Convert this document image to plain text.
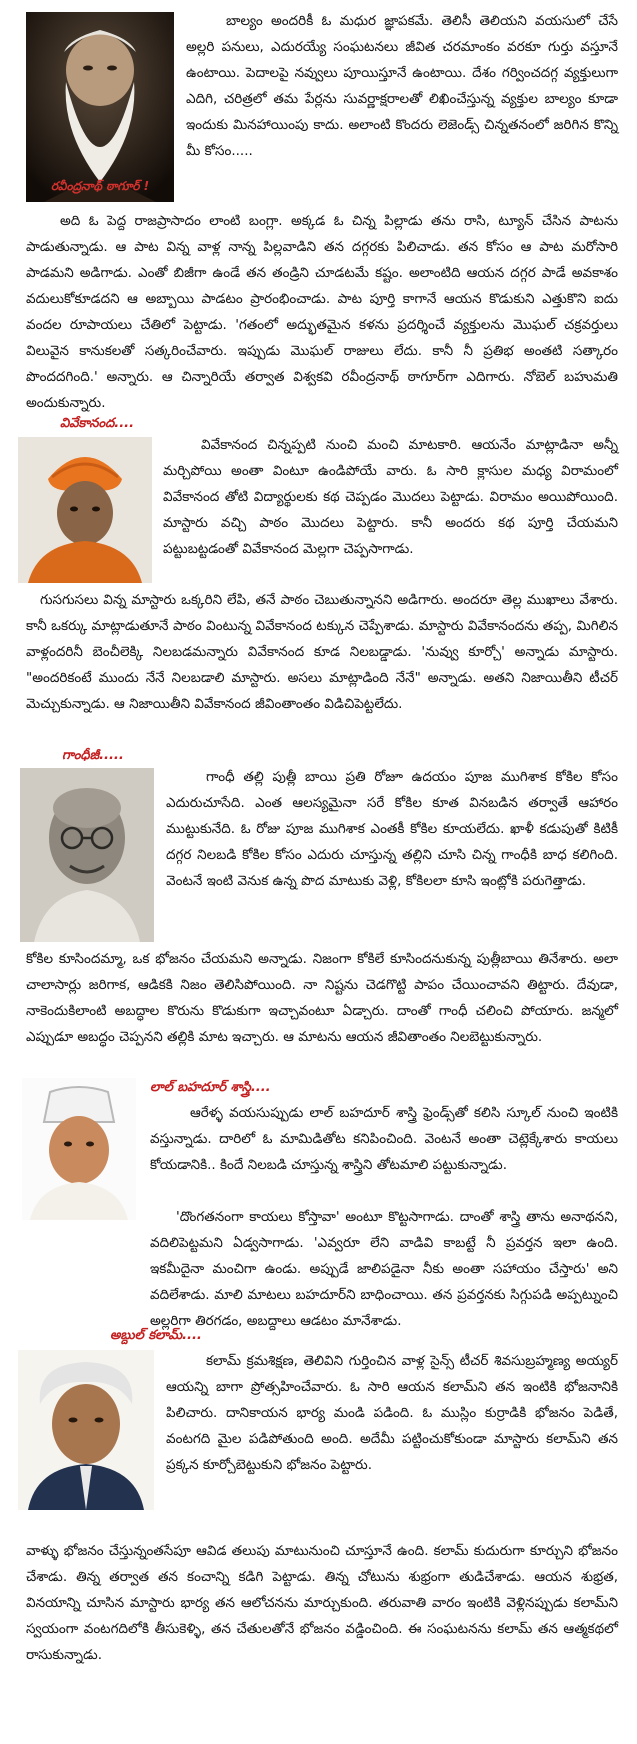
రవీంద్రనాథ్ ఠాగూర్ !
బాల్యం అందరికీ ఓ మధుర జ్ఞాపకమే. తెలిసీ తెలియని వయసులో చేసే అల్లరి పనులు, ఎదురయ్యే సంఘటనలు జీవిత చరమాంకం వరకూ గుర్తు వస్తూనే ఉంటాయి. పెదాలపై నవ్వులు పూయిస్తూనే ఉంటాయి. దేశం గర్వించదగ్గ వ్యక్తులుగా ఎదిగి, చరిత్రలో తమ పేర్లను సువర్ణాక్షరాలతో లిఖించేస్తున్న వ్యక్తుల బాల్యం కూడా ఇందుకు మినహాయింపు కాదు. అలాంటి కొందరు లెజెండ్స్ చిన్నతనంలో జరిగిన కొన్ని మీ కోసం.....
అది ఓ పెద్ద రాజప్రాసాదం లాంటి బంగ్లా. అక్కడ ఓ చిన్న పిల్లాడు తను రాసి, ట్యూన్ చేసిన పాటను పాడుతున్నాడు. ఆ పాట విన్న వాళ్ల నాన్న పిల్లవాడిని తన దగ్గరకు పిలిచాడు. తన కోసం ఆ పాట మరోసారి పాడమని అడిగాడు. ఎంతో బిజీగా ఉండే తన తండ్రిని చూడటమే కష్టం. అలాంటిది ఆయన దగ్గర పాడే అవకాశం వదులుకోకూడదని ఆ అబ్బాయి పాడటం ప్రారంభించాడు. పాట పూర్తి కాగానే ఆయన కొడుకుని ఎత్తుకొని ఐదు వందల రూపాయలు చేతిలో పెట్టాడు. 'గతంలో అద్భుతమైన కళను ప్రదర్శించే వ్యక్తులను మొఘల్ చక్రవర్తులు విలువైన కానుకలతో సత్కరించేవారు. ఇప్పుడు మొఘల్ రాజులు లేదు. కానీ నీ ప్రతిభ అంతటి సత్కారం పొందదగింది.' అన్నారు. ఆ చిన్నారియే తర్వాత విశ్వకవి రవీంద్రనాథ్ ఠాగూర్‌గా ఎదిగారు. నోబెల్ బహుమతి అందుకున్నారు.
వివేకానంద....
వివేకానంద చిన్నప్పటి నుంచి మంచి మాటకారి. ఆయనేం మాట్లాడినా అన్నీ మర్చిపోయి అంతా వింటూ ఉండిపోయే వారు. ఓ సారి క్లాసుల మధ్య విరామంలో వివేకానంద తోటి విద్యార్థులకు కథ చెప్పడం మొదలు పెట్టాడు. విరామం అయిపోయింది. మాస్టారు వచ్చి పాఠం మొదలు పెట్టారు. కానీ అందరు కథ పూర్తి చేయమని పట్టుబట్టడంతో వివేకానంద మెల్లగా చెప్పసాగాడు.
గుసగుసలు విన్న మాస్టారు ఒక్కరిని లేపి, తనే పాఠం చెబుతున్నానని అడిగారు. అందరూ తెల్ల ముఖాలు వేశారు. కానీ ఒకర్కు మాట్లాడుతూనే పాఠం వింటున్న వివేకానంద టక్కున చెప్పేశాడు. మాస్టారు వివేకానందను తప్ప, మిగిలిన వాళ్లందరినీ బెంచీలెక్కి నిలబడమన్నారు వివేకానంద కూడ నిలబడ్డాడు. 'నువ్వు కూర్చో' అన్నాడు మాస్టారు. "అందరికంటే ముందు నేనే నిలబడాలి మాస్టారు. అసలు మాట్లాడింది నేనే" అన్నాడు. అతని నిజాయితీని టీచర్ మెచ్చుకున్నాడు. ఆ నిజాయితీని వివేకానంద జీవింతాంతం విడిచిపెట్టలేదు.
గాంధీజీ.....
గాంధీ తల్లి పుత్లీ బాయి ప్రతి రోజూ ఉదయం పూజ ముగిశాక కోకిల కోసం ఎదురుచూసేది. ఎంత ఆలస్యమైనా సరే కోకిల కూత వినబడిన తర్వాతే ఆహారం ముట్టుకునేది. ఓ రోజు పూజ ముగిశాక ఎంతకీ కోకిల కూయలేదు. ఖాళీ కడుపుతో కిటికీ దగ్గర నిలబడి కోకిల కోసం ఎదురు చూస్తున్న తల్లిని చూసి చిన్న గాంధీకి బాధ కలిగింది. వెంటనే ఇంటి వెనుక ఉన్న పొద మాటుకు వెళ్లి, కోకిలలా కూసి ఇంట్లోకి పరుగెత్తాడు.
కోకిల కూసిందమ్మా, ఒక భోజనం చేయమని అన్నాడు. నిజంగా కోకిలే కూసిందనుకున్న పుత్లీబాయి తినేశారు. అలా చాలాసార్లు జరిగాక, ఆడికకి నిజం తెలిసిపోయింది. నా నిష్టను చెడగొట్టి పాపం చేయించావని తిట్టారు. దేవుడా, నాకెందుకిలాంటి అబద్ధాల కొరును కొడుకుగా ఇచ్చావంటూ ఏడ్చారు. దాంతో గాంధీ చలించి పోయారు. జన్మలో ఎప్పుడూ అబద్ధం చెప్పనని తల్లికి మాట ఇచ్చారు. ఆ మాటను ఆయన జీవితాంతం నిలబెట్టుకున్నారు.
లాల్ బహదూర్ శాస్త్రి....
ఆరేళ్ళ వయసుప్పుడు లాల్ బహదూర్ శాస్త్రి ఫ్రెండ్స్‌తో కలిసి స్కూల్ నుంచి ఇంటికి వస్తున్నాడు. దారిలో ఓ మామిడితోట కనిపించింది. వెంటనే అంతా చెట్లెక్కేశారు కాయలు కోయడానికి.. కిందే నిలబడి చూస్తున్న శాస్త్రిని తోటమాలి పట్టుకున్నాడు.
'దొంగతనంగా కాయలు కోస్తావా' అంటూ కొట్టసాగాడు. దాంతో శాస్త్రి తాను అనాథనని, వదిలిపెట్టమని ఏడ్వసాగాడు. 'ఎవ్వరూ లేని వాడివి కాబట్టే నీ ప్రవర్తన ఇలా ఉంది. ఇకమీదైనా మంచిగా ఉండు. అప్పుడే జాలిపడైనా నీకు అంతా సహాయం చేస్తారు' అని వదిలేశాడు. మాలి మాటలు బహదూర్‌ని బాధించాయి. తన ప్రవర్తనకు సిగ్గుపడి అప్పట్నుంచి అల్లరిగా తిరగడం, అబద్దాలు ఆడటం మానేశాడు.
అబ్దుల్ కలామ్....
కలామ్ క్రమశిక్షణ, తెలివిని గుర్తించిన వాళ్ల సైన్స్ టీచర్ శివసుబ్రహ్మణ్య అయ్యర్ ఆయన్ని బాగా ప్రోత్సహించేవారు. ఓ సారి ఆయన కలామ్‌ని తన ఇంటికి భోజనానికి పిలిచారు. దానికాయన భార్య మండి పడింది. ఓ ముస్లిం కుర్రాడికి భోజనం పెడితే, వంటగది మైల పడిపోతుంది అంది. అదేమీ పట్టించుకోకుండా మాస్టారు కలామ్‌ని తన ప్రక్కన కూర్చోబెట్టుకుని భోజనం పెట్టారు.
వాళ్ళు భోజనం చేస్తున్నంతసేపూ ఆవిడ తలుపు మాటునుంచి చూస్తూనే ఉంది. కలామ్ కుదురుగా కూర్చుని భోజనం చేశాడు. తిన్న తర్వాత తన కంచాన్ని కడిగి పెట్టాడు. తిన్న చోటును శుభ్రంగా తుడిచేశాడు. ఆయన శుభ్రత, వినయాన్ని చూసిన మాస్టారు భార్య తన ఆలోచనను మార్చుకుంది. తరువాతి వారం ఇంటికి వెళ్లినప్పుడు కలామ్‌ని స్వయంగా వంటగదిలోకి తీసుకెళ్ళి, తన చేతులతోనే భోజనం వడ్డించింది. ఈ సంఘటనను కలామ్ తన ఆత్మకథలో రాసుకున్నాడు.
